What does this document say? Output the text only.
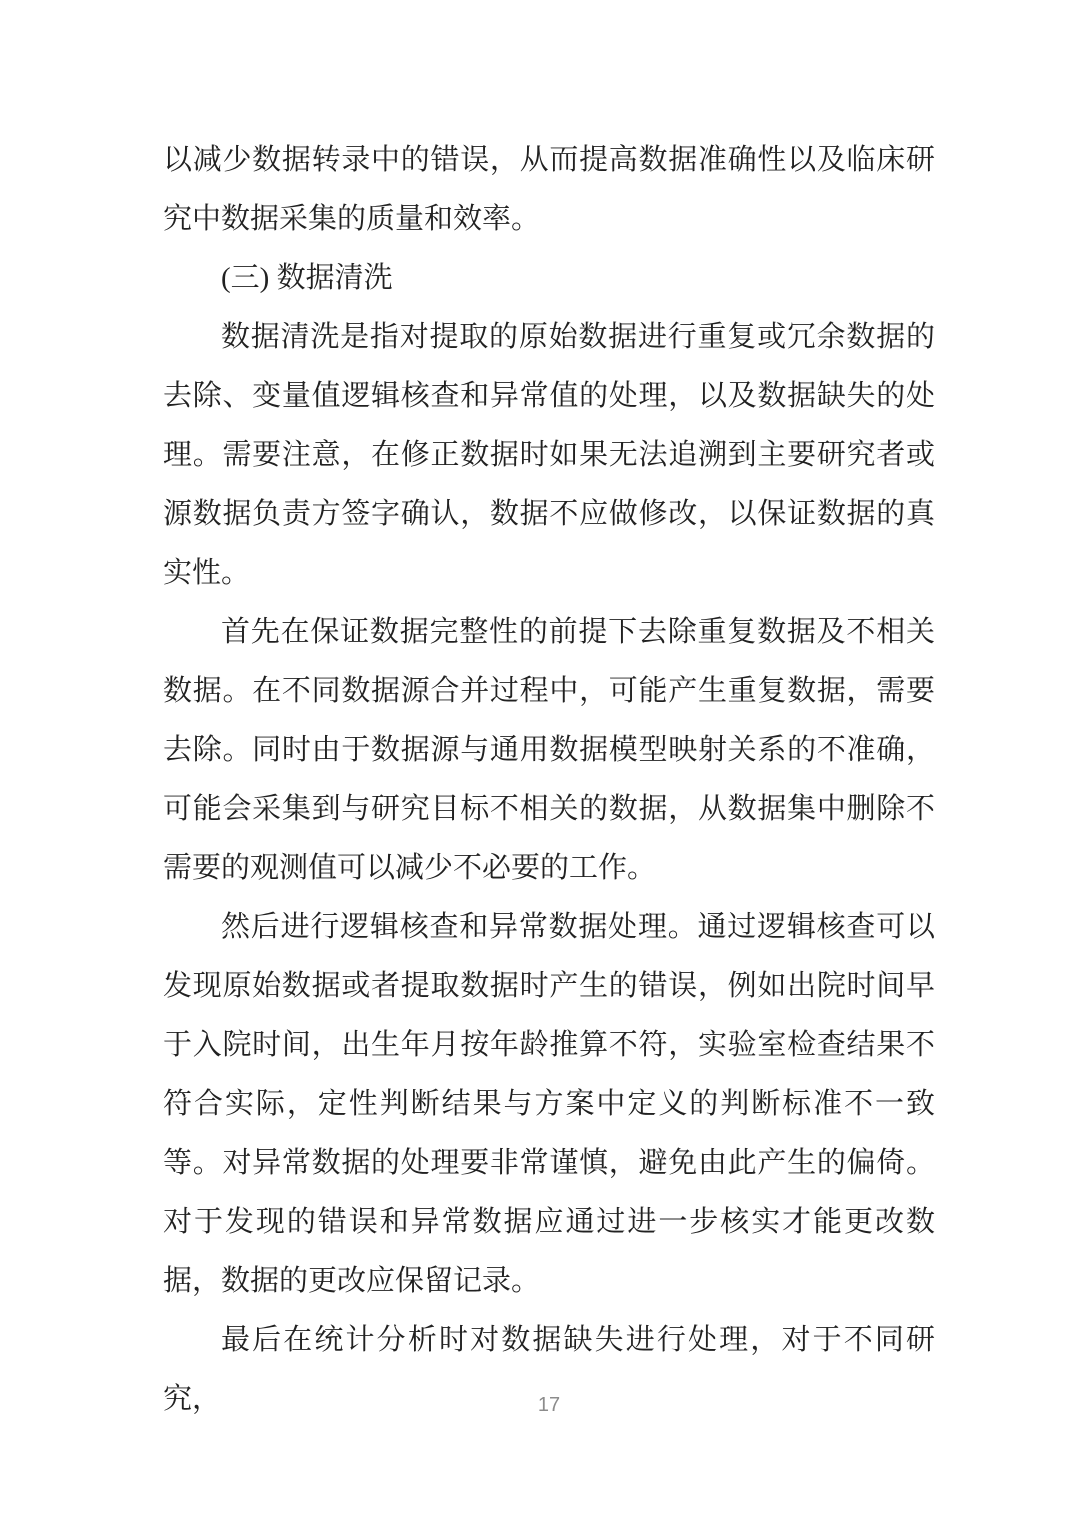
以减少数据转录中的错误，从而提高数据准确性以及临床研究中数据采集的质量和效率。

(三) 数据清洗

数据清洗是指对提取的原始数据进行重复或冗余数据的去除、变量值逻辑核查和异常值的处理，以及数据缺失的处理。需要注意，在修正数据时如果无法追溯到主要研究者或源数据负责方签字确认，数据不应做修改，以保证数据的真实性。

首先在保证数据完整性的前提下去除重复数据及不相关数据。在不同数据源合并过程中，可能产生重复数据，需要去除。同时由于数据源与通用数据模型映射关系的不准确，可能会采集到与研究目标不相关的数据，从数据集中删除不需要的观测值可以减少不必要的工作。

然后进行逻辑核查和异常数据处理。通过逻辑核查可以发现原始数据或者提取数据时产生的错误，例如出院时间早于入院时间，出生年月按年龄推算不符，实验室检查结果不符合实际，定性判断结果与方案中定义的判断标准不一致等。对异常数据的处理要非常谨慎，避免由此产生的偏倚。对于发现的错误和异常数据应通过进一步核实才能更改数据，数据的更改应保留记录。

最后在统计分析时对数据缺失进行处理，对于不同研究，	17
